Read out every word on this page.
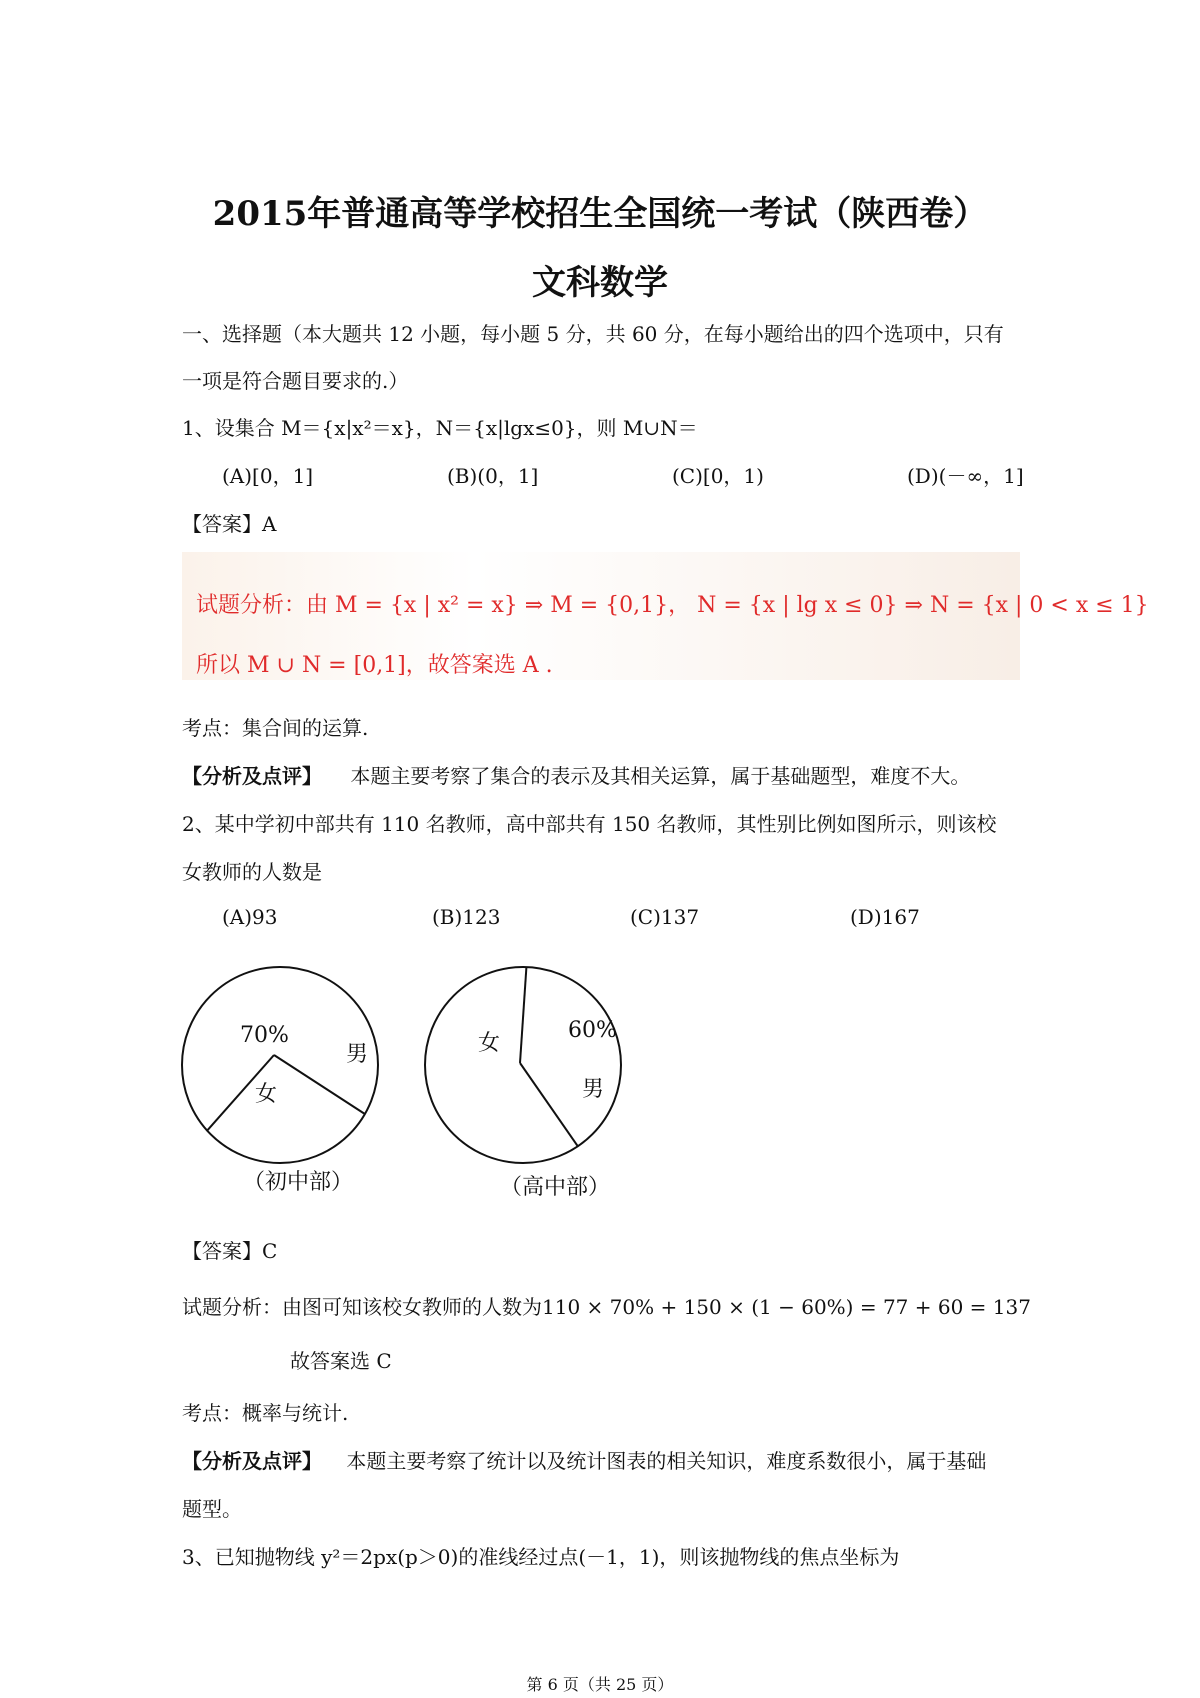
2015年普通高等学校招生全国统一考试（陕西卷）
文科数学
一、选择题（本大题共 12 小题，每小题 5 分，共 60 分，在每小题给出的四个选项中，只有
一项是符合题目要求的.）
1、设集合 M＝{x|x²＝x}，N＝{x|lgx≤0}，则 M∪N＝
(A)[0，1]	(B)(0，1]	(C)[0，1)	(D)(－∞，1]
【答案】A
试题分析：由 M = {x | x² = x} ⇒ M = {0,1}， N = {x | lg x ≤ 0} ⇒ N = {x | 0 < x ≤ 1}
所以 M ∪ N = [0,1]，故答案选 A .
考点：集合间的运算.
【分析及点评】 本题主要考察了集合的表示及其相关运算，属于基础题型，难度不大。
2、某中学初中部共有 110 名教师，高中部共有 150 名教师，其性别比例如图所示，则该校
女教师的人数是
(A)93	(B)123	(C)137	(D)167
70%
女
男
（初中部）
60%
男
女
（高中部）
【答案】C
试题分析：由图可知该校女教师的人数为110 × 70% + 150 × (1 − 60%) = 77 + 60 = 137
故答案选 C
考点：概率与统计.
【分析及点评】 本题主要考察了统计以及统计图表的相关知识，难度系数很小，属于基础
题型。
3、已知抛物线 y²＝2px(p＞0)的准线经过点(－1，1)，则该抛物线的焦点坐标为
第 6 页（共 25 页）
